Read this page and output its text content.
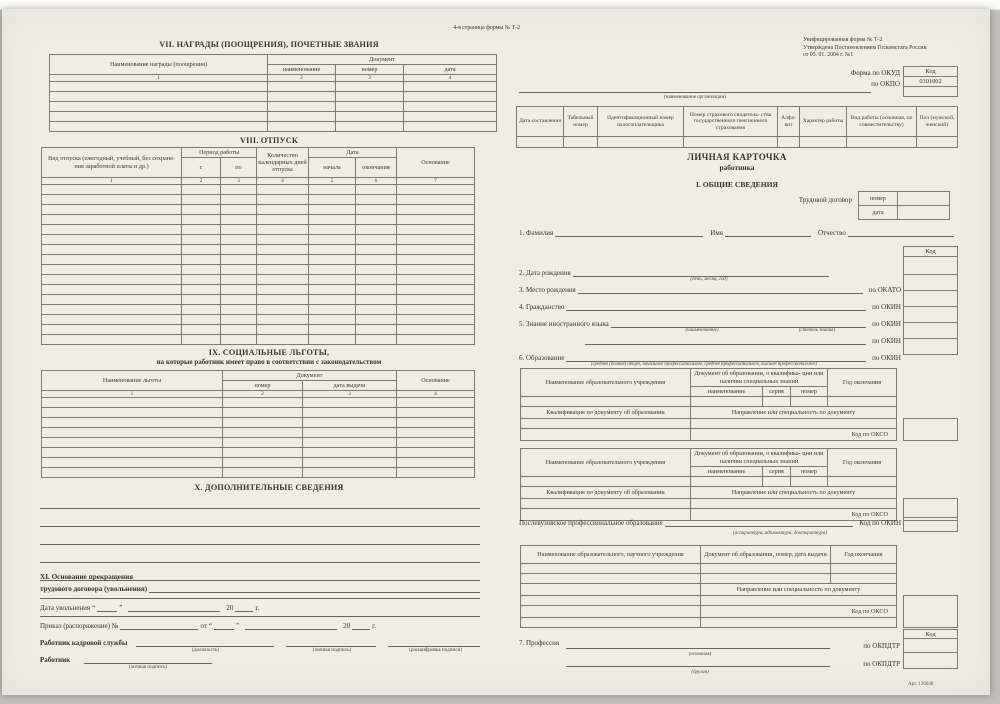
4-я страница формы № Т-2
VII. НАГРАДЫ (ПООЩРЕНИЯ), ПОЧЕТНЫЕ ЗВАНИЯ
Наименование награды (поощрения)	Документ		
	наименование	номер	дата
1	2	3	4

VIII. ОТПУСК
Вид отпуска (ежегодный, учебный, без сохране- ния заработной платы и др.)	Период работы		Количество календарных дней отпуска	Дата		Основание
	с	по		начала	окончания	
1	2	3	4	5	6	7

IX. СОЦИАЛЬНЫЕ ЛЬГОТЫ,
на которые работник имеет право в соответствии с законодательством
Наименование льготы	Документ		Основание
	номер	дата выдачи	
1	2	3	4

X. ДОПОЛНИТЕЛЬНЫЕ СВЕДЕНИЯ

XI. Основание прекращения
трудового договора (увольнения)
Дата увольнения “	”	20	г.
Приказ (распоряжение) №	от “	”	20	г.
Работник кадровой службы
(должность)	(личная подпись)	(расшифровка подписи)
Работник
(личная подпись)
Унифицированная форма № Т-2
Утверждена Постановлением Госкомстата России
от 05. 01. 2004 г. №1
Код
0301002
Форма по ОКУД
по ОКПО
(наименование организации)
Дата составления	Табельный номер	Идентификационный номер налогоплательщика	Номер страхового свидетель- ства государственного пенсионного страхования	Алфа- вит	Характер работы	Вид работы (основная, по совместительству)	Пол (мужской, женский)

ЛИЧНАЯ КАРТОЧКА
работника
I. ОБЩИЕ СВЕДЕНИЯ
Трудовой договор	номер	
дата	
1. Фамилия	Имя	Отчество
Код
2. Дата рождения
(день, месяц, год)
3. Место рождения	по ОКАТО
4. Гражданство	по ОКИН
5. Знание иностранного языка	по ОКИН
(наименование)	(степень знания)
по ОКИН
6. Образование	по ОКИН
(среднее (полное) общее, начальное профессиональное, среднее профессиональное, высшее профессиональное)
Наименование образовательного учреждения	Документ об образовании, о квалифика- ции или наличии специальных знаний			Год окончания
	наименование	серия	номер	

Квалификация по документу об образовании	Направление или специальность по документу			

	Код по ОКСО			
Наименование образовательного учреждения	Документ об образовании, о квалифика- ции или наличии специальных знаний			Год окончания
	наименование	серия	номер	

Квалификация по документу об образовании	Направление или специальность по документу			

	Код по ОКСО			
Послевузовское профессиональное образование	Код по ОКИН
(аспирантура, адъюнктура, докторантура)
Наименование образовательного, научного учреждения	Документ об образовании, номер, дата выдачи	Год окончания

	Направление или специальность по документу	

	Код по ОКСО	

Код
7. Профессия
(основная)
по ОКПДТР
(другая)
по ОКПДТР
Арт. 130048
